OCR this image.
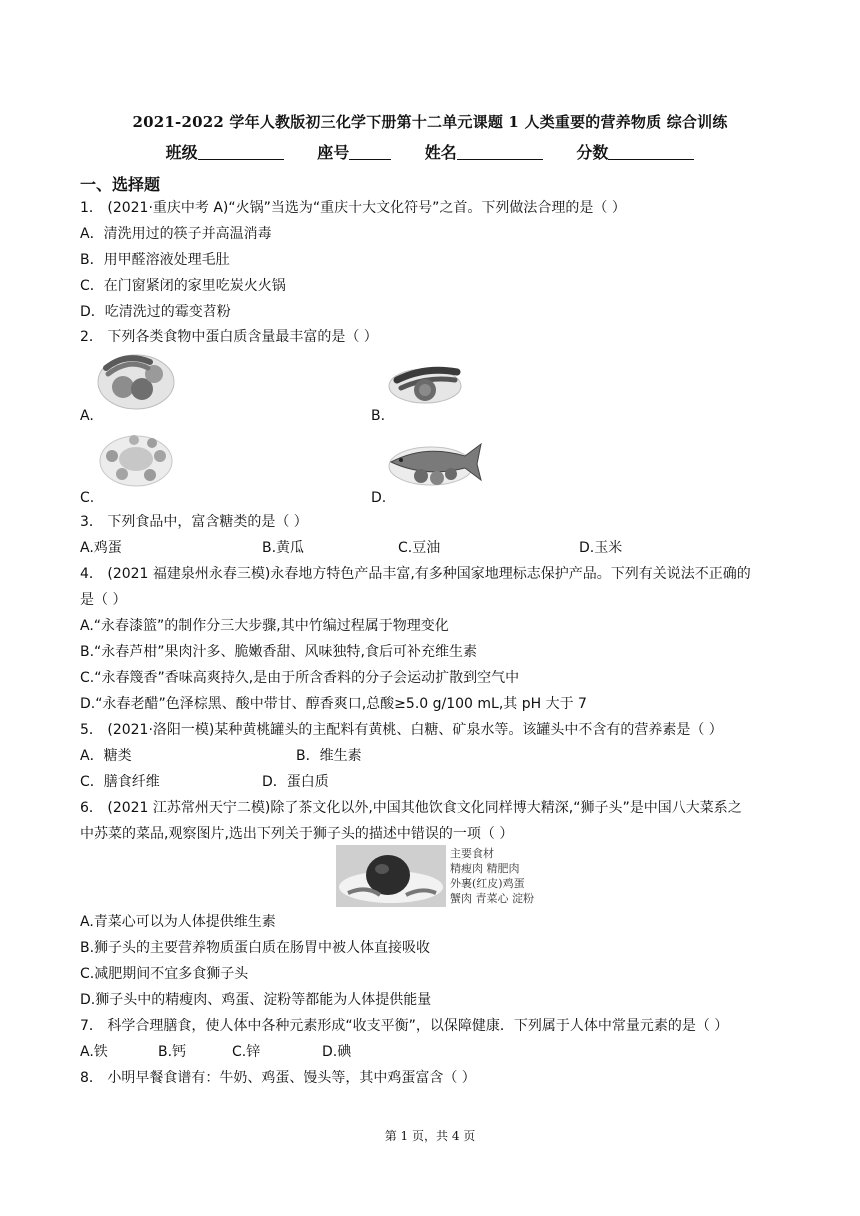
2021-2022 学年人教版初三化学下册第十二单元课题 1 人类重要的营养物质 综合训练
班级	座号	姓名	分数
一、选择题
1． (2021·重庆中考 A)“火锅”当选为“重庆十大文化符号”之首。下列做法合理的是（ ）
A．清洗用过的筷子并高温消毒
B．用甲醛溶液处理毛肚
C．在门窗紧闭的家里吃炭火火锅
D．吃清洗过的霉变苕粉
2． 下列各类食物中蛋白质含量最丰富的是（ ）
A.	B.
C.	D.
3． 下列食品中，富含糖类的是（ ）
A.鸡蛋	B.黄瓜	C.豆油	D.玉米
4． (2021 福建泉州永春三模)永春地方特色产品丰富,有多种国家地理标志保护产品。下列有关说法不正确的
是（ ）
A.“永春漆篮”的制作分三大步骤,其中竹编过程属于物理变化
B.“永春芦柑”果肉汁多、脆嫩香甜、风味独特,食后可补充维生素
C.“永春篾香”香味高爽持久,是由于所含香料的分子会运动扩散到空气中
D.“永春老醋”色泽棕黑、酸中带甘、醇香爽口,总酸≥5.0 g/100 mL,其 pH 大于 7
5． (2021·洛阳一模)某种黄桃罐头的主配料有黄桃、白糖、矿泉水等。该罐头中不含有的营养素是（ ）
A．糖类	B．维生素
C．膳食纤维	D．蛋白质
6． (2021 江苏常州天宁二模)除了茶文化以外,中国其他饮食文化同样博大精深,“狮子头”是中国八大菜系之
中苏菜的菜品,观察图片,选出下列关于狮子头的描述中错误的一项（ ）
主要食材
精瘦肉 精肥肉
外裹(红皮)鸡蛋
蟹肉 青菜心 淀粉
A.青菜心可以为人体提供维生素
B.狮子头的主要营养物质蛋白质在肠胃中被人体直接吸收
C.减肥期间不宜多食狮子头
D.狮子头中的精瘦肉、鸡蛋、淀粉等都能为人体提供能量
7． 科学合理膳食，使人体中各种元素形成“收支平衡”，以保障健康．下列属于人体中常量元素的是（ ）
A.铁	B.钙	C.锌	D.碘
8． 小明早餐食谱有：牛奶、鸡蛋、馒头等，其中鸡蛋富含（ ）
第 1 页，共 4 页
